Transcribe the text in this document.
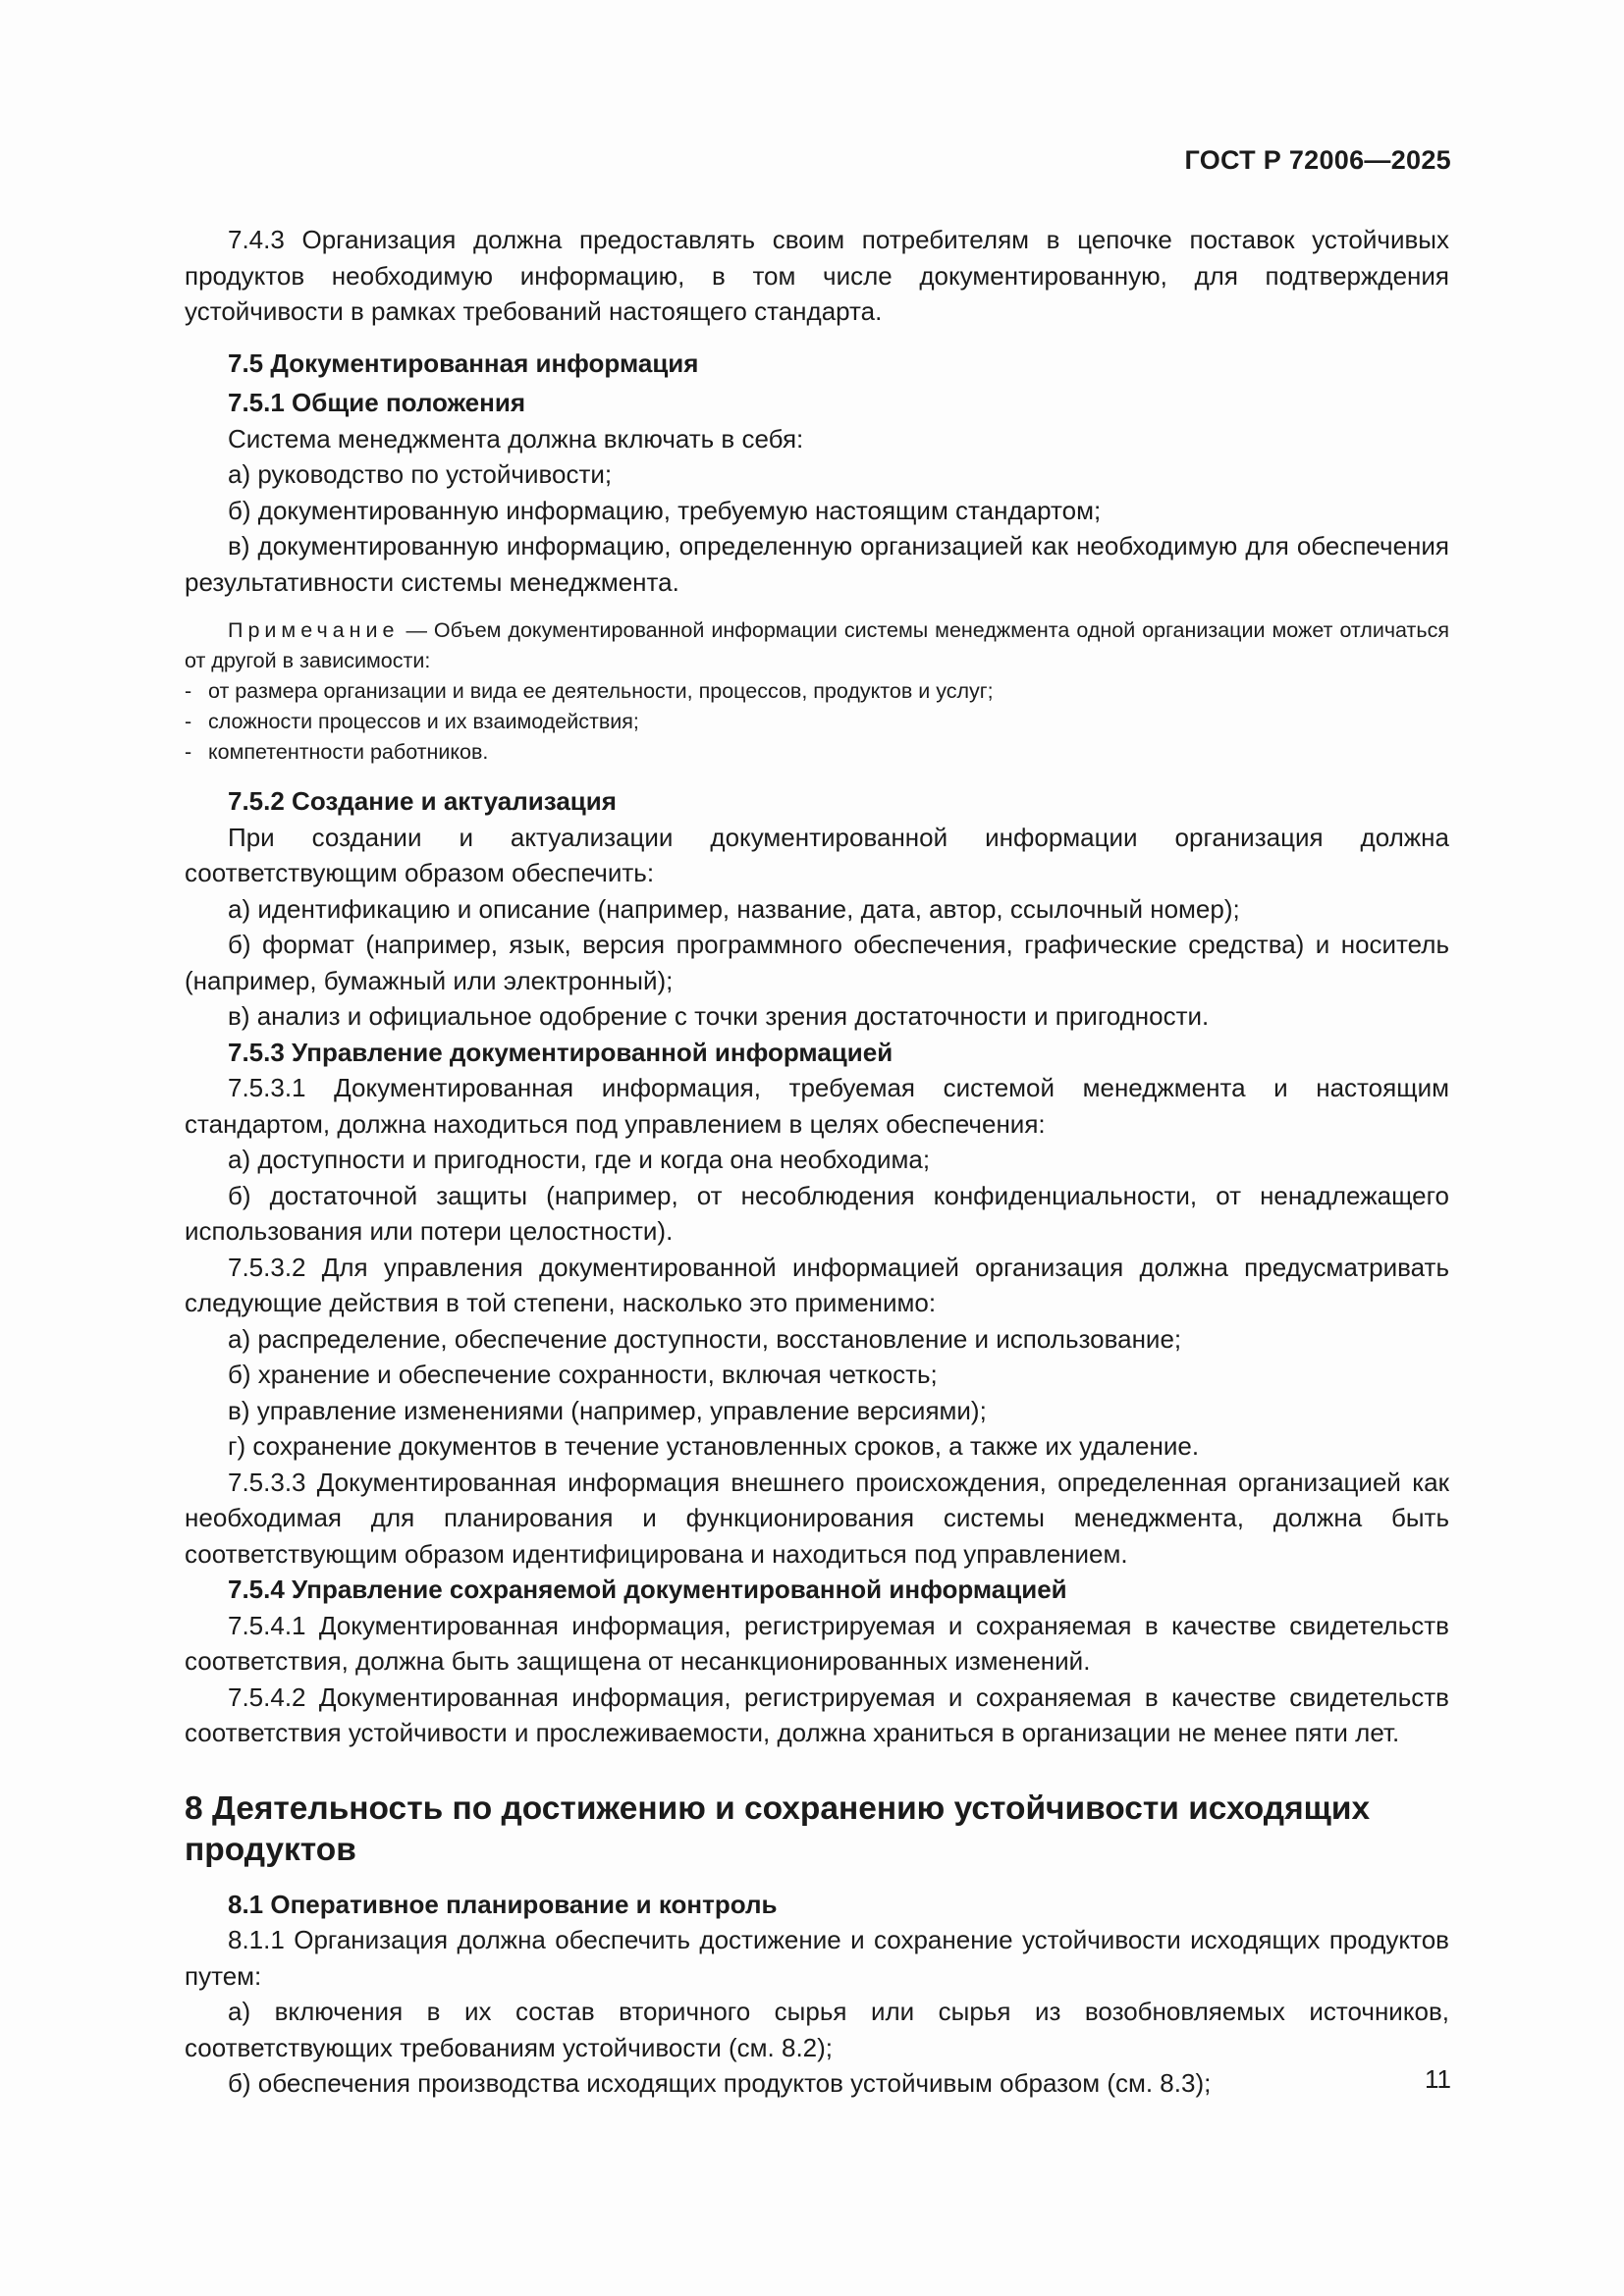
ГОСТ Р 72006—2025

7.4.3 Организация должна предоставлять своим потребителям в цепочке поставок устойчивых продуктов необходимую информацию, в том числе документированную, для подтверждения устойчивости в рамках требований настоящего стандарта.

7.5 Документированная информация

7.5.1 Общие положения

Система менеджмента должна включать в себя:

а) руководство по устойчивости;

б) документированную информацию, требуемую настоящим стандартом;

в) документированную информацию, определенную организацией как необходимую для обеспечения результативности системы менеджмента.

Примечание — Объем документированной информации системы менеджмента одной организации может отличаться от другой в зависимости:

- от размера организации и вида ее деятельности, процессов, продуктов и услуг;

- сложности процессов и их взаимодействия;

- компетентности работников.

7.5.2 Создание и актуализация

При создании и актуализации документированной информации организация должна соответствующим образом обеспечить:

а) идентификацию и описание (например, название, дата, автор, ссылочный номер);

б) формат (например, язык, версия программного обеспечения, графические средства) и носитель (например, бумажный или электронный);

в) анализ и официальное одобрение с точки зрения достаточности и пригодности.

7.5.3 Управление документированной информацией

7.5.3.1 Документированная информация, требуемая системой менеджмента и настоящим стандартом, должна находиться под управлением в целях обеспечения:

а) доступности и пригодности, где и когда она необходима;

б) достаточной защиты (например, от несоблюдения конфиденциальности, от ненадлежащего использования или потери целостности).

7.5.3.2 Для управления документированной информацией организация должна предусматривать следующие действия в той степени, насколько это применимо:

а) распределение, обеспечение доступности, восстановление и использование;

б) хранение и обеспечение сохранности, включая четкость;

в) управление изменениями (например, управление версиями);

г) сохранение документов в течение установленных сроков, а также их удаление.

7.5.3.3 Документированная информация внешнего происхождения, определенная организацией как необходимая для планирования и функционирования системы менеджмента, должна быть соответствующим образом идентифицирована и находиться под управлением.

7.5.4 Управление сохраняемой документированной информацией

7.5.4.1 Документированная информация, регистрируемая и сохраняемая в качестве свидетельств соответствия, должна быть защищена от несанкционированных изменений.

7.5.4.2 Документированная информация, регистрируемая и сохраняемая в качестве свидетельств соответствия устойчивости и прослеживаемости, должна храниться в организации не менее пяти лет.

8 Деятельность по достижению и сохранению устойчивости исходящих продуктов

8.1 Оперативное планирование и контроль

8.1.1 Организация должна обеспечить достижение и сохранение устойчивости исходящих продуктов путем:

а) включения в их состав вторичного сырья или сырья из возобновляемых источников, соответствующих требованиям устойчивости (см. 8.2);

б) обеспечения производства исходящих продуктов устойчивым образом (см. 8.3);	11
